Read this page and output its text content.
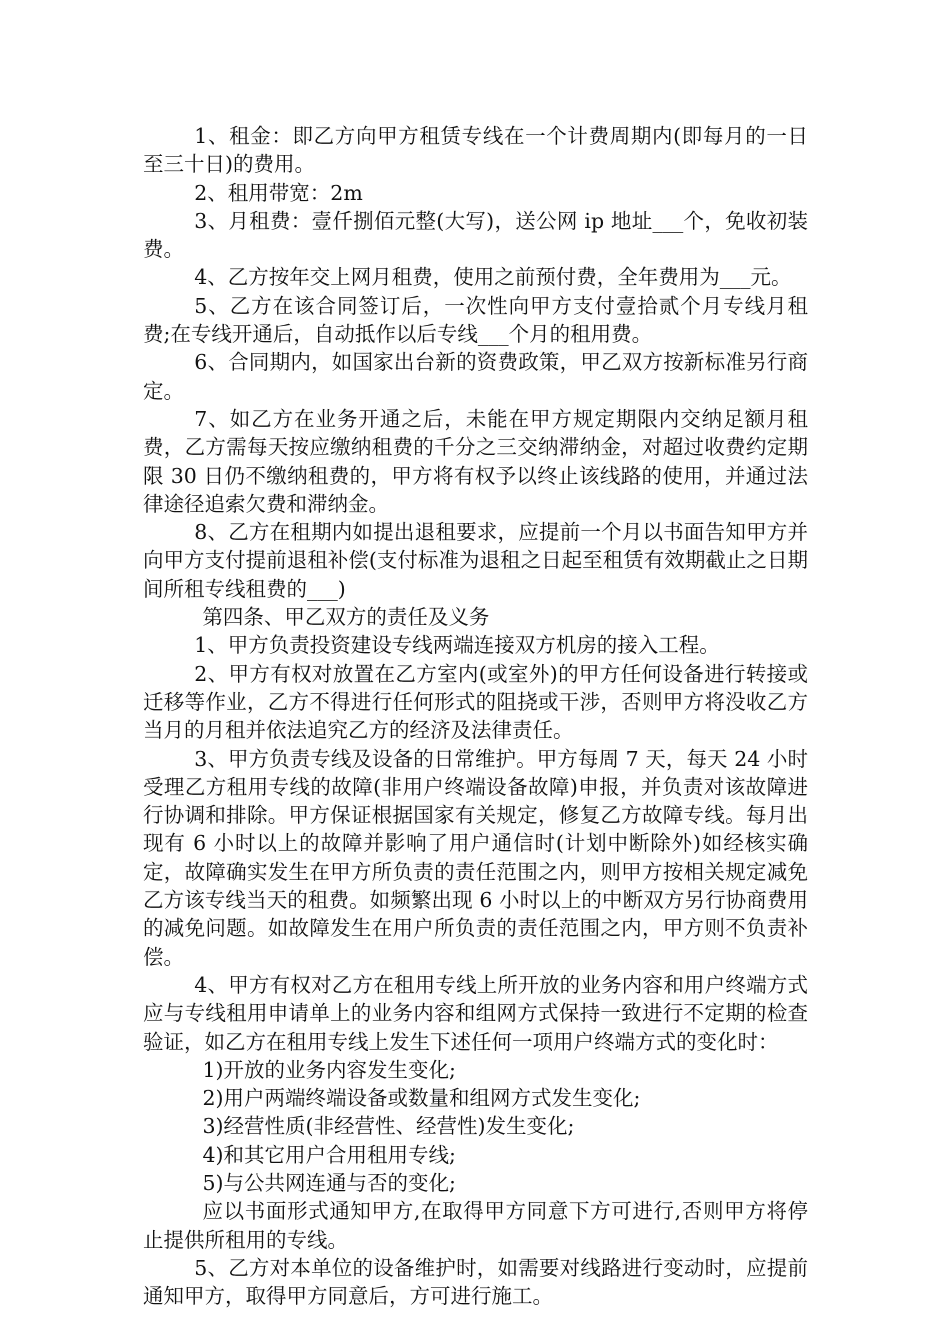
1、租金：即乙方向甲方租赁专线在一个计费周期内(即每月的一日至三十日)的费用。

2、租用带宽：2m

3、月租费：壹仟捌佰元整(大写)，送公网 ip 地址___个，免收初装费。

4、乙方按年交上网月租费，使用之前预付费，全年费用为___元。

5、乙方在该合同签订后，一次性向甲方支付壹拾贰个月专线月租费;在专线开通后，自动抵作以后专线___个月的租用费。

6、合同期内，如国家出台新的资费政策，甲乙双方按新标准另行商定。

7、如乙方在业务开通之后，未能在甲方规定期限内交纳足额月租费，乙方需每天按应缴纳租费的千分之三交纳滞纳金，对超过收费约定期限 30 日仍不缴纳租费的，甲方将有权予以终止该线路的使用，并通过法律途径追索欠费和滞纳金。

8、乙方在租期内如提出退租要求，应提前一个月以书面告知甲方并向甲方支付提前退租补偿(支付标准为退租之日起至租赁有效期截止之日期间所租专线租费的___)

第四条、甲乙双方的责任及义务

1、甲方负责投资建设专线两端连接双方机房的接入工程。

2、甲方有权对放置在乙方室内(或室外)的甲方任何设备进行转接或迁移等作业，乙方不得进行任何形式的阻挠或干涉，否则甲方将没收乙方当月的月租并依法追究乙方的经济及法律责任。

3、甲方负责专线及设备的日常维护。甲方每周 7 天，每天 24 小时受理乙方租用专线的故障(非用户终端设备故障)申报，并负责对该故障进行协调和排除。甲方保证根据国家有关规定，修复乙方故障专线。每月出现有 6 小时以上的故障并影响了用户通信时(计划中断除外)如经核实确定，故障确实发生在甲方所负责的责任范围之内，则甲方按相关规定减免乙方该专线当天的租费。如频繁出现 6 小时以上的中断双方另行协商费用的减免问题。如故障发生在用户所负责的责任范围之内，甲方则不负责补偿。

4、甲方有权对乙方在租用专线上所开放的业务内容和用户终端方式应与专线租用申请单上的业务内容和组网方式保持一致进行不定期的检查验证，如乙方在租用专线上发生下述任何一项用户终端方式的变化时：

1)开放的业务内容发生变化;

2)用户两端终端设备或数量和组网方式发生变化;

3)经营性质(非经营性、经营性)发生变化;

4)和其它用户合用租用专线;

5)与公共网连通与否的变化;

应以书面形式通知甲方,在取得甲方同意下方可进行,否则甲方将停止提供所租用的专线。

5、乙方对本单位的设备维护时，如需要对线路进行变动时，应提前通知甲方，取得甲方同意后，方可进行施工。
